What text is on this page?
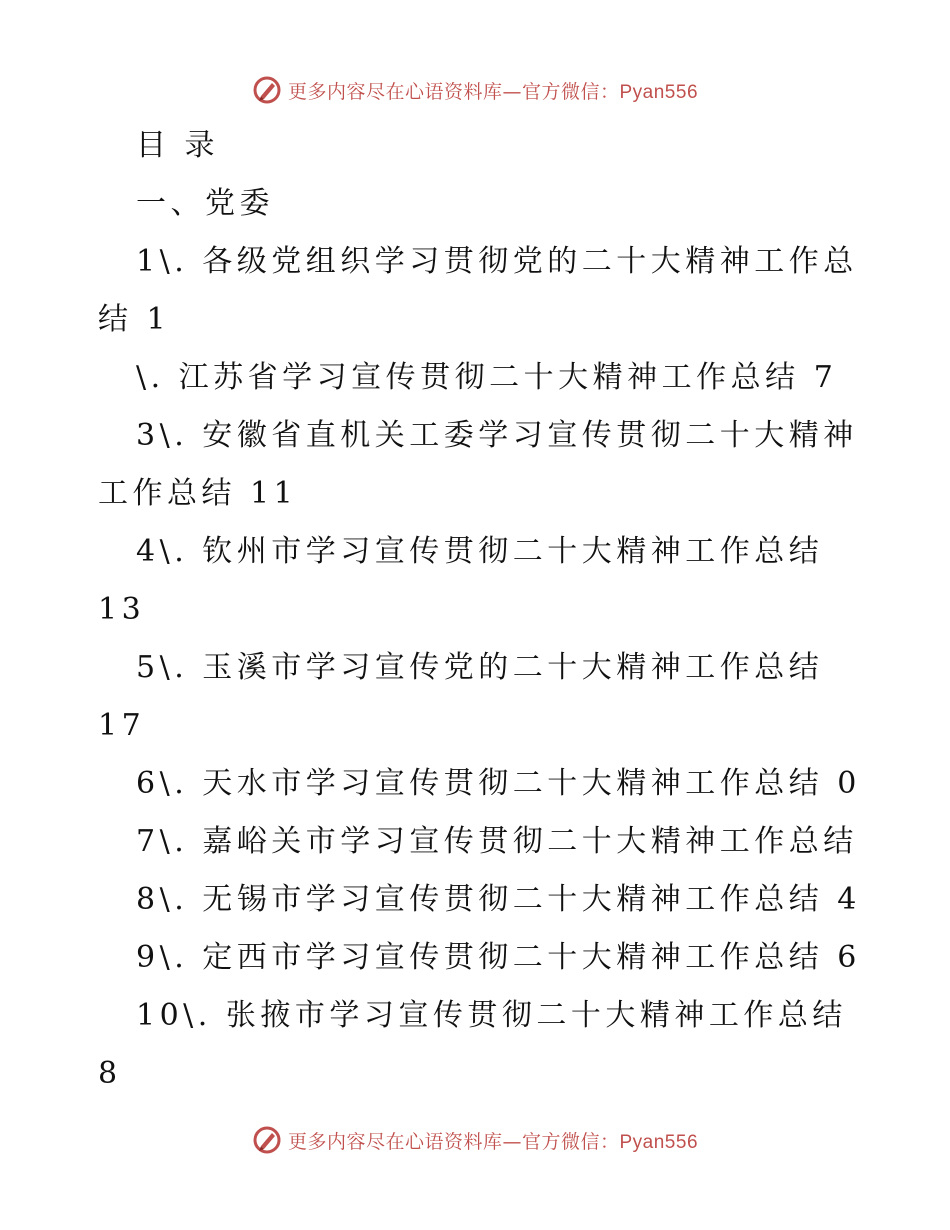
更多内容尽在心语资料库—官方微信：Pyan556
目 录
一、党委
1\. 各级党组织学习贯彻党的二十大精神工作总
结 1
\. 江苏省学习宣传贯彻二十大精神工作总结 7
3\. 安徽省直机关工委学习宣传贯彻二十大精神
工作总结 11
4\. 钦州市学习宣传贯彻二十大精神工作总结
13
5\. 玉溪市学习宣传党的二十大精神工作总结
17
6\. 天水市学习宣传贯彻二十大精神工作总结 0
7\. 嘉峪关市学习宣传贯彻二十大精神工作总结
8\. 无锡市学习宣传贯彻二十大精神工作总结 4
9\. 定西市学习宣传贯彻二十大精神工作总结 6
10\. 张掖市学习宣传贯彻二十大精神工作总结
8
更多内容尽在心语资料库—官方微信：Pyan556
